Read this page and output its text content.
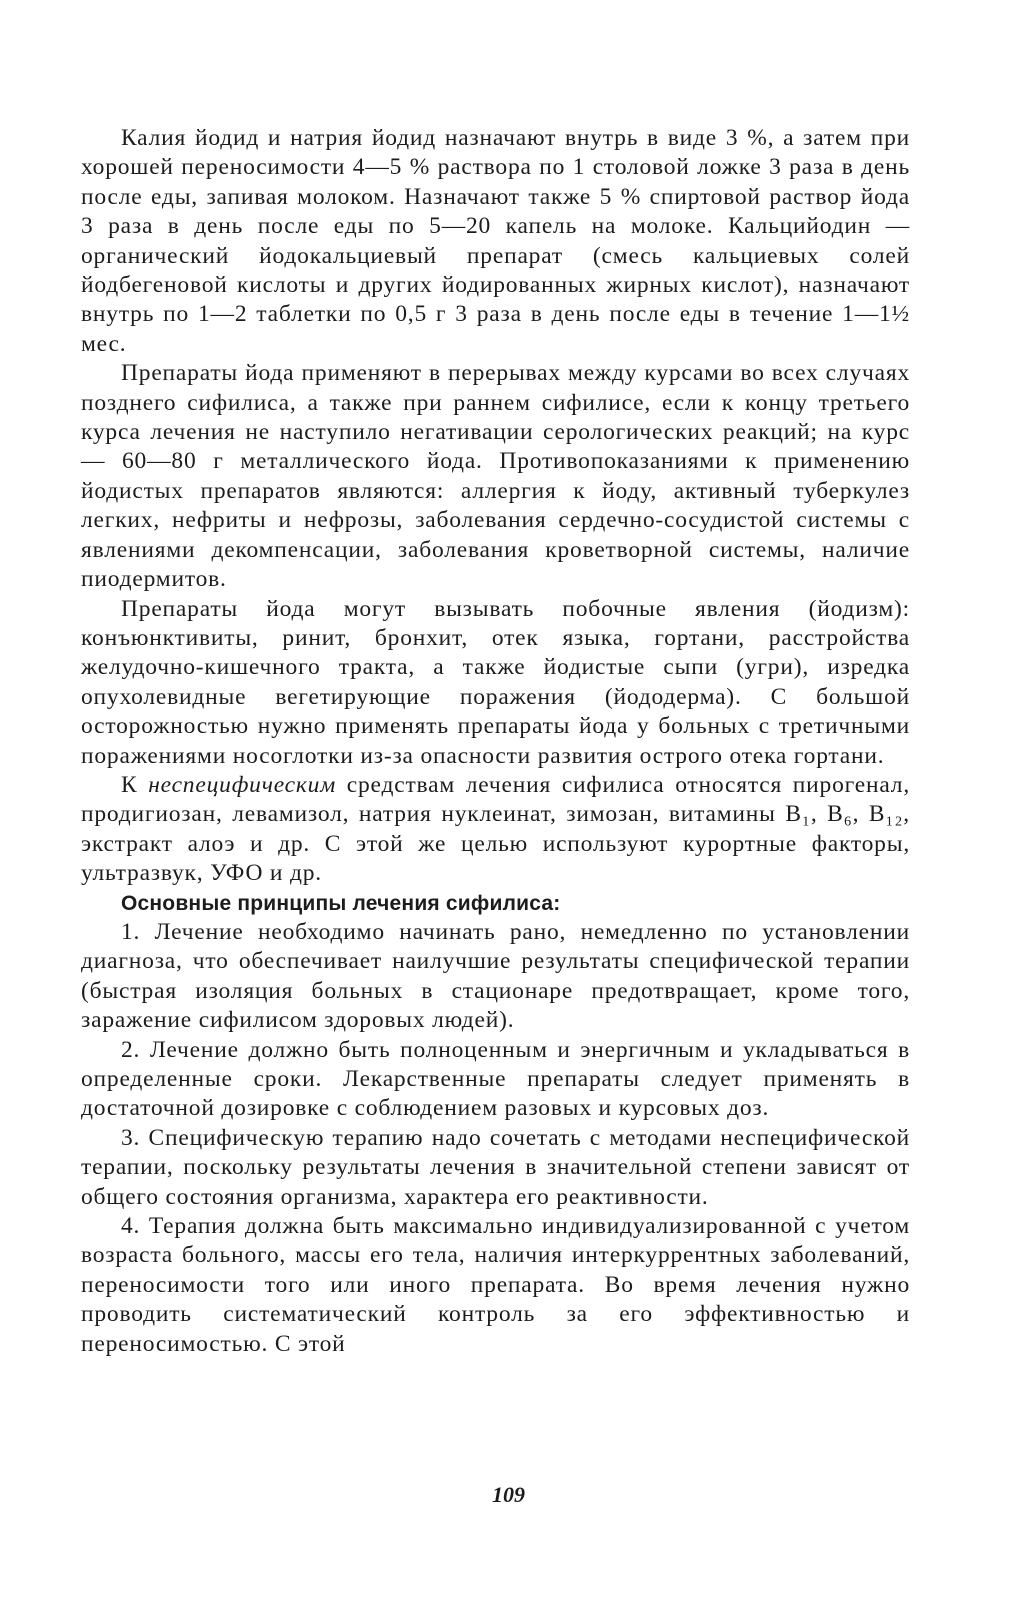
Калия йодид и натрия йодид назначают внутрь в виде 3 %, а затем при хорошей переносимости 4—5 % раствора по 1 столовой ложке 3 раза в день после еды, запивая молоком. Назначают также 5 % спиртовой раствор йода 3 раза в день после еды по 5—20 капель на молоке. Кальцийодин — органический йодокальциевый препарат (смесь кальциевых солей йодбегеновой кислоты и других йодированных жирных кислот), назначают внутрь по 1—2 таблетки по 0,5 г 3 раза в день после еды в течение 1—1½ мес.

Препараты йода применяют в перерывах между курсами во всех случаях позднего сифилиса, а также при раннем сифилисе, если к концу третьего курса лечения не наступило негативации серологических реакций; на курс — 60—80 г металлического йода. Противопоказаниями к применению йодистых препаратов являются: аллергия к йоду, активный туберкулез легких, нефриты и нефрозы, заболевания сердечно-сосудистой системы с явлениями декомпенсации, заболевания кроветворной системы, наличие пиодермитов.

Препараты йода могут вызывать побочные явления (йодизм): конъюнктивиты, ринит, бронхит, отек языка, гортани, расстройства желудочно-кишечного тракта, а также йодистые сыпи (угри), изредка опухолевидные вегетирующие поражения (йододерма). С большой осторожностью нужно применять препараты йода у больных с третичными поражениями носоглотки из-за опасности развития острого отека гортани.

К неспецифическим средствам лечения сифилиса относятся пирогенал, продигиозан, левамизол, натрия нуклеинат, зимозан, витамины B₁, B₆, B₁₂, экстракт алоэ и др. С этой же целью используют курортные факторы, ультразвук, УФО и др.

Основные принципы лечения сифилиса:

1. Лечение необходимо начинать рано, немедленно по установлении диагноза, что обеспечивает наилучшие результаты специфической терапии (быстрая изоляция больных в стационаре предотвращает, кроме того, заражение сифилисом здоровых людей).

2. Лечение должно быть полноценным и энергичным и укладываться в определенные сроки. Лекарственные препараты следует применять в достаточной дозировке с соблюдением разовых и курсовых доз.

3. Специфическую терапию надо сочетать с методами неспецифической терапии, поскольку результаты лечения в значительной степени зависят от общего состояния организма, характера его реактивности.

4. Терапия должна быть максимально индивидуализированной с учетом возраста больного, массы его тела, наличия интеркуррентных заболеваний, переносимости того или иного препарата. Во время лечения нужно проводить систематический контроль за его эффективностью и переносимостью. С этой

109
